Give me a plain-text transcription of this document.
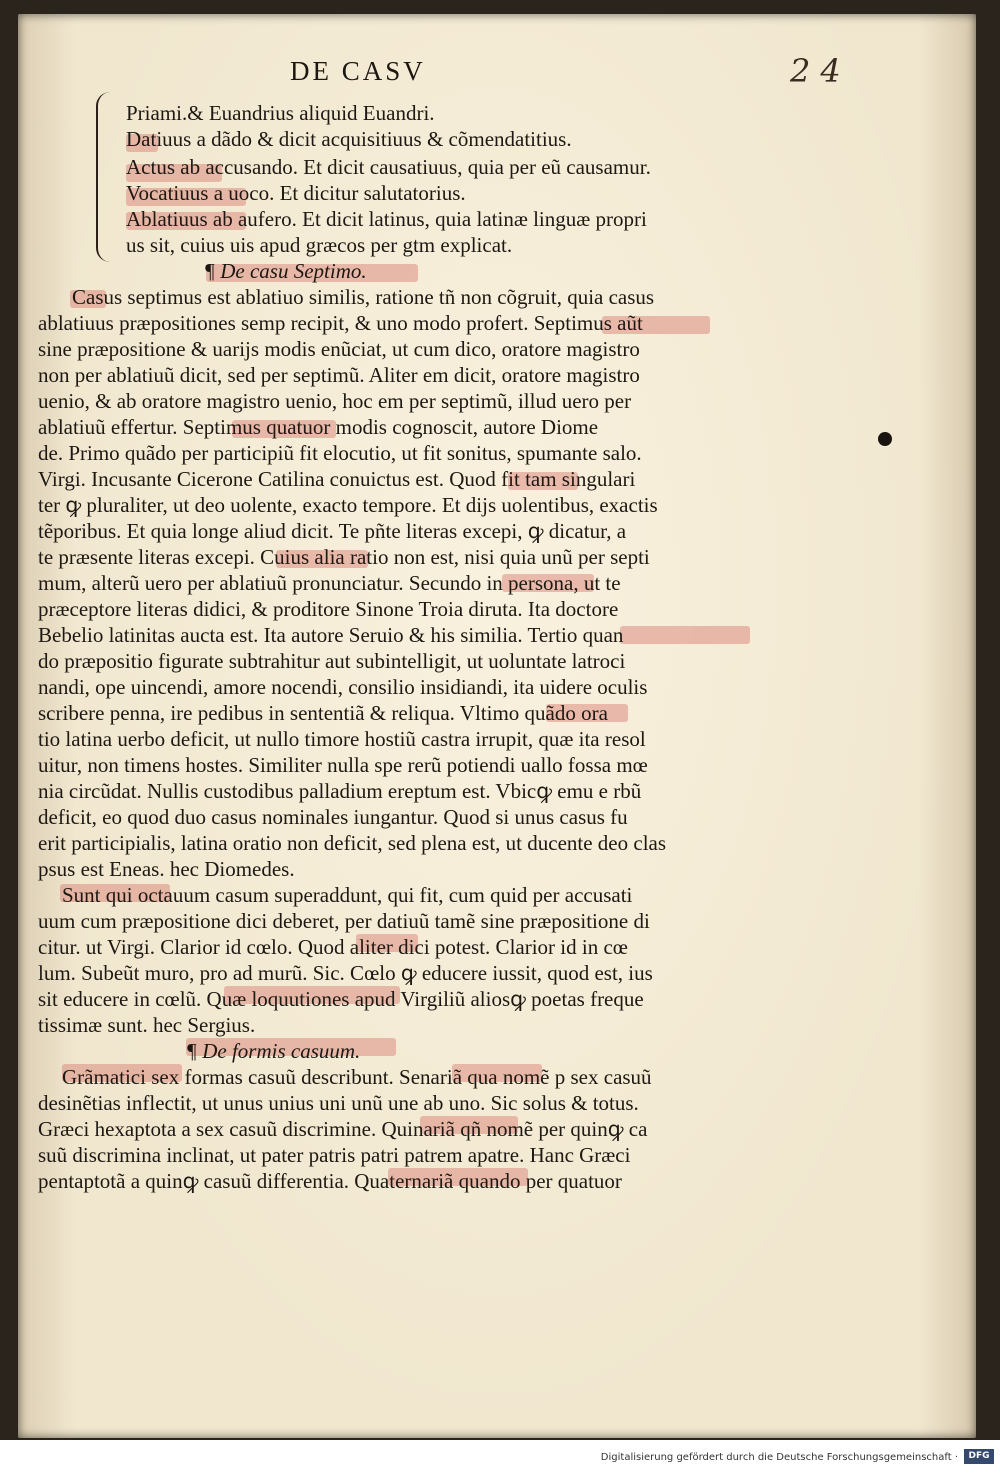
DE CASV	24
Priami.& Euandrius aliquid Euandri.
Datiuus a dãdo & dicit acquisitiuus & cõmendatitius.
Actus ab accusando. Et dicit causatiuus, quia per eũ causamur.
Vocatiuus a uoco. Et dicitur salutatorius.
Ablatiuus ab aufero. Et dicit latinus, quia latinæ linguæ propri
us sit, cuius uis apud græcos per gtm explicat.
¶ De casu Septimo.
Casus septimus est ablatiuo similis, ratione tñ non cõgruit, quia casus
ablatiuus præpositiones semp recipit, & uno modo profert. Septimus aũt
sine præpositione & uarijs modis enũciat, ut cum dico, oratore magistro
non per ablatiuũ dicit, sed per septimũ. Aliter em dicit, oratore magistro
uenio, & ab oratore magistro uenio, hoc em per septimũ, illud uero per
ablatiuũ effertur. Septimus quatuor modis cognoscit, autore Diome
de. Primo quãdo per participiũ fit elocutio, ut fit sonitus, spumante salo.
Virgi. Incusante Cicerone Catilina conuictus est. Quod fit tam singulari
ter ꝙ pluraliter, ut deo uolente, exacto tempore. Et dijs uolentibus, exactis
tẽporibus. Et quia longe aliud dicit. Te pñte literas excepi, ꝙ dicatur, a
te præsente literas excepi. Cuius alia ratio non est, nisi quia unũ per septi
mum, alterũ uero per ablatiuũ pronunciatur. Secundo in persona, ut te
præceptore literas didici, & proditore Sinone Troia diruta. Ita doctore
Bebelio latinitas aucta est. Ita autore Seruio & his similia. Tertio quan
do præpositio figurate subtrahitur aut subintelligit, ut uoluntate latroci
nandi, ope uincendi, amore nocendi, consilio insidiandi, ita uidere oculis
scribere penna, ire pedibus in sententiã & reliqua. Vltimo quãdo ora
tio latina uerbo deficit, ut nullo timore hostiũ castra irrupit, quæ ita resol
uitur, non timens hostes. Similiter nulla spe rerũ potiendi uallo fossa mœ
nia circũdat. Nullis custodibus palladium ereptum est. Vbicꝙ emu e rbũ
deficit, eo quod duo casus nominales iungantur. Quod si unus casus fu
erit participialis, latina oratio non deficit, sed plena est, ut ducente deo clas
psus est Eneas. hec Diomedes.
Sunt qui octauum casum superaddunt, qui fit, cum quid per accusati
uum cum præpositione dici deberet, per datiuũ tamẽ sine præpositione di
citur. ut Virgi. Clarior id cœlo. Quod aliter dici potest. Clarior id in cœ
lum. Subeũt muro, pro ad murũ. Sic. Cœlo ꝙ educere iussit, quod est, ius
sit educere in cœlũ. Quæ loquutiones apud Virgiliũ aliosꝙ poetas freque
tissimæ sunt. hec Sergius.
¶ De formis casuum.
Grãmatici sex formas casuũ describunt. Senariã qua nomẽ p sex casuũ
desinẽtias inflectit, ut unus unius uni unũ une ab uno. Sic solus & totus.
Græci hexaptota a sex casuũ discrimine. Quinariã qñ nomẽ per quinꝙ ca
suũ discrimina inclinat, ut pater patris patri patrem apatre. Hanc Græci
pentaptotã a quinꝙ casuũ differentia. Quaternariã quando per quatuor
Digitalisierung gefördert durch die Deutsche Forschungsgemeinschaft ·	DFG
